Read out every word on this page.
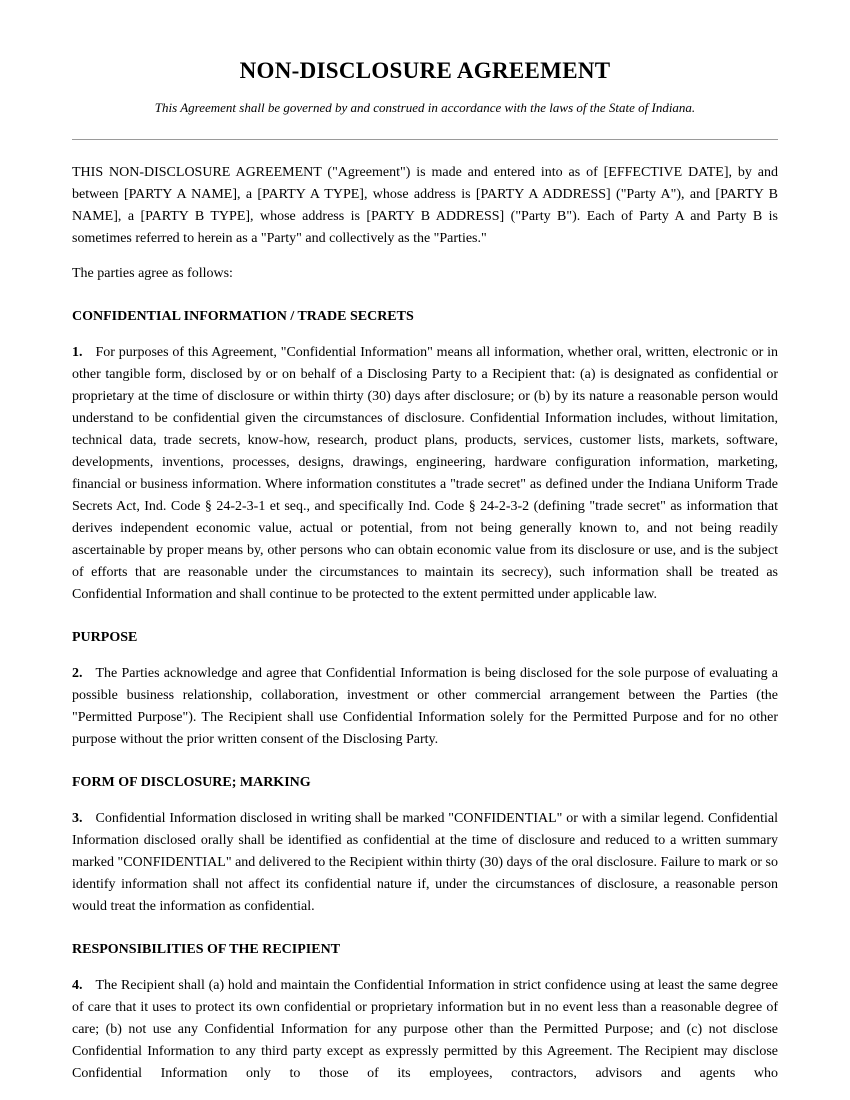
NON-DISCLOSURE AGREEMENT

This Agreement shall be governed by and construed in accordance with the laws of the State of Indiana.

THIS NON-DISCLOSURE AGREEMENT ("Agreement") is made and entered into as of [EFFECTIVE DATE], by and between [PARTY A NAME], a [PARTY A TYPE], whose address is [PARTY A ADDRESS] ("Party A"), and [PARTY B NAME], a [PARTY B TYPE], whose address is [PARTY B ADDRESS] ("Party B"). Each of Party A and Party B is sometimes referred to herein as a "Party" and collectively as the "Parties."

The parties agree as follows:

CONFIDENTIAL INFORMATION / TRADE SECRETS

1. For purposes of this Agreement, "Confidential Information" means all information, whether oral, written, electronic or in other tangible form, disclosed by or on behalf of a Disclosing Party to a Recipient that: (a) is designated as confidential or proprietary at the time of disclosure or within thirty (30) days after disclosure; or (b) by its nature a reasonable person would understand to be confidential given the circumstances of disclosure. Confidential Information includes, without limitation, technical data, trade secrets, know-how, research, product plans, products, services, customer lists, markets, software, developments, inventions, processes, designs, drawings, engineering, hardware configuration information, marketing, financial or business information. Where information constitutes a "trade secret" as defined under the Indiana Uniform Trade Secrets Act, Ind. Code § 24-2-3-1 et seq., and specifically Ind. Code § 24-2-3-2 (defining "trade secret" as information that derives independent economic value, actual or potential, from not being generally known to, and not being readily ascertainable by proper means by, other persons who can obtain economic value from its disclosure or use, and is the subject of efforts that are reasonable under the circumstances to maintain its secrecy), such information shall be treated as Confidential Information and shall continue to be protected to the extent permitted under applicable law.

PURPOSE

2. The Parties acknowledge and agree that Confidential Information is being disclosed for the sole purpose of evaluating a possible business relationship, collaboration, investment or other commercial arrangement between the Parties (the "Permitted Purpose"). The Recipient shall use Confidential Information solely for the Permitted Purpose and for no other purpose without the prior written consent of the Disclosing Party.

FORM OF DISCLOSURE; MARKING

3. Confidential Information disclosed in writing shall be marked "CONFIDENTIAL" or with a similar legend. Confidential Information disclosed orally shall be identified as confidential at the time of disclosure and reduced to a written summary marked "CONFIDENTIAL" and delivered to the Recipient within thirty (30) days of the oral disclosure. Failure to mark or so identify information shall not affect its confidential nature if, under the circumstances of disclosure, a reasonable person would treat the information as confidential.

RESPONSIBILITIES OF THE RECIPIENT

4. The Recipient shall (a) hold and maintain the Confidential Information in strict confidence using at least the same degree of care that it uses to protect its own confidential or proprietary information but in no event less than a reasonable degree of care; (b) not use any Confidential Information for any purpose other than the Permitted Purpose; and (c) not disclose Confidential Information to any third party except as expressly permitted by this Agreement. The Recipient may disclose Confidential Information only to those of its employees, contractors, advisors and agents who
